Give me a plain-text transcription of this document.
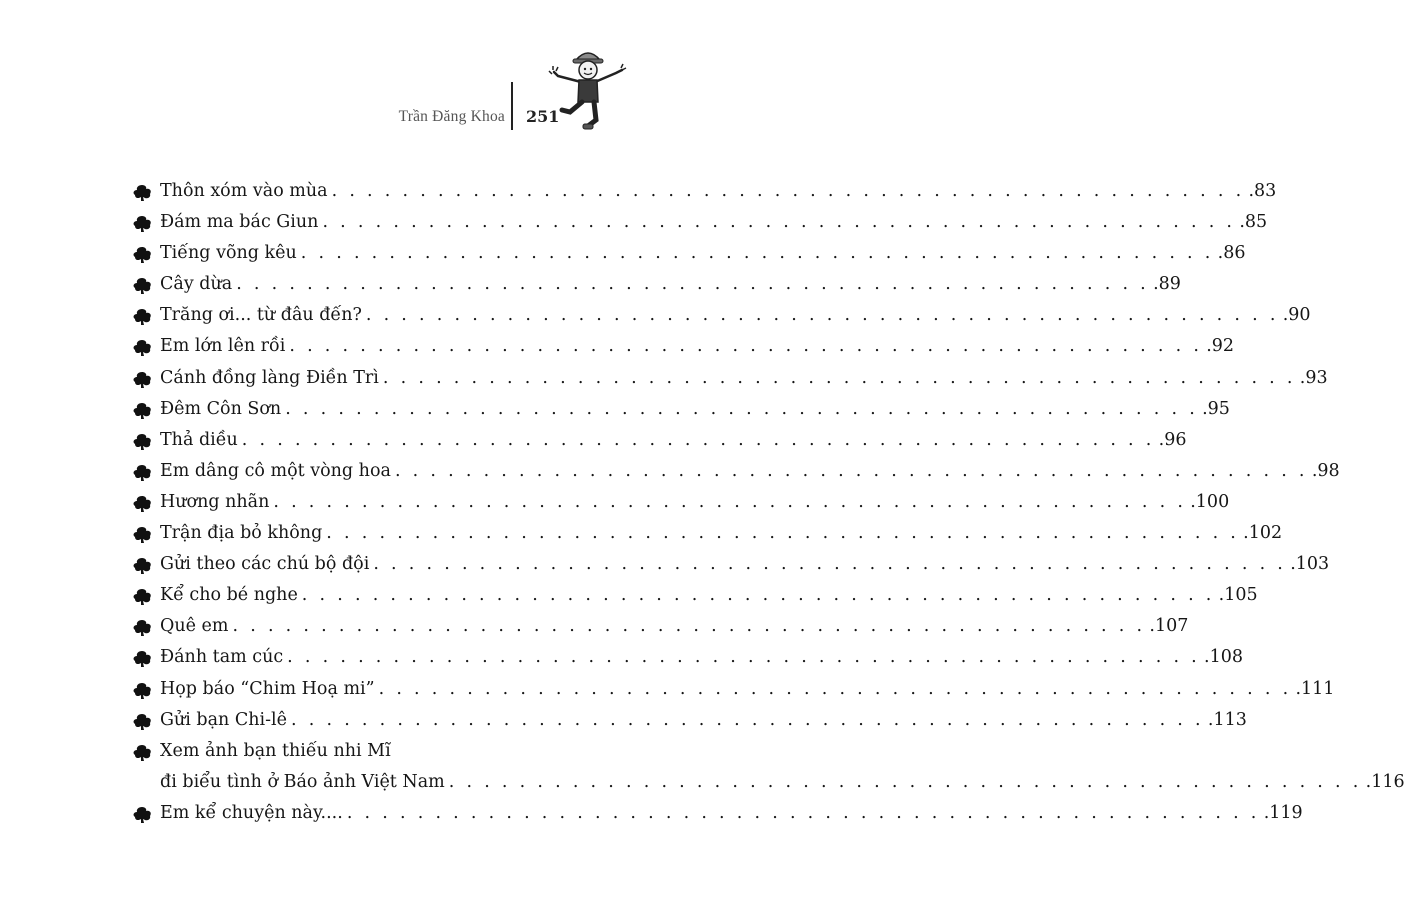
Trần Đăng Khoa 251
Thôn xóm vào mùa . . . . . . . . . . . . . . . . . . . . . . . . . . . . . . . . . . . . . . . . . . . . . . . . . . . . .83
Đám ma bác Giun . . . . . . . . . . . . . . . . . . . . . . . . . . . . . . . . . . . . . . . . . . . . . . . . . . . . .85
Tiếng võng kêu . . . . . . . . . . . . . . . . . . . . . . . . . . . . . . . . . . . . . . . . . . . . . . . . . . . . .86
Cây dừa . . . . . . . . . . . . . . . . . . . . . . . . . . . . . . . . . . . . . . . . . . . . . . . . . . . . .89
Trăng ơi... từ đâu đến? . . . . . . . . . . . . . . . . . . . . . . . . . . . . . . . . . . . . . . . . . . . . . . . . . . . . .90
Em lớn lên rồi . . . . . . . . . . . . . . . . . . . . . . . . . . . . . . . . . . . . . . . . . . . . . . . . . . . . .92
Cánh đồng làng Điền Trì . . . . . . . . . . . . . . . . . . . . . . . . . . . . . . . . . . . . . . . . . . . . . . . . . . . . .93
Đêm Côn Sơn . . . . . . . . . . . . . . . . . . . . . . . . . . . . . . . . . . . . . . . . . . . . . . . . . . . . .95
Thả diều . . . . . . . . . . . . . . . . . . . . . . . . . . . . . . . . . . . . . . . . . . . . . . . . . . . . .96
Em dâng cô một vòng hoa . . . . . . . . . . . . . . . . . . . . . . . . . . . . . . . . . . . . . . . . . . . . . . . . . . . . .98
Hương nhãn . . . . . . . . . . . . . . . . . . . . . . . . . . . . . . . . . . . . . . . . . . . . . . . . . . . . .100
Trận địa bỏ không . . . . . . . . . . . . . . . . . . . . . . . . . . . . . . . . . . . . . . . . . . . . . . . . . . . . .102
Gửi theo các chú bộ đội . . . . . . . . . . . . . . . . . . . . . . . . . . . . . . . . . . . . . . . . . . . . . . . . . . . . .103
Kể cho bé nghe . . . . . . . . . . . . . . . . . . . . . . . . . . . . . . . . . . . . . . . . . . . . . . . . . . . . .105
Quê em . . . . . . . . . . . . . . . . . . . . . . . . . . . . . . . . . . . . . . . . . . . . . . . . . . . . .107
Đánh tam cúc . . . . . . . . . . . . . . . . . . . . . . . . . . . . . . . . . . . . . . . . . . . . . . . . . . . . .108
Họp báo “Chim Hoạ mi” . . . . . . . . . . . . . . . . . . . . . . . . . . . . . . . . . . . . . . . . . . . . . . . . . . . . .111
Gửi bạn Chi-lê . . . . . . . . . . . . . . . . . . . . . . . . . . . . . . . . . . . . . . . . . . . . . . . . . . . . .113
Xem ảnh bạn thiếu nhi Mĩ
đi biểu tình ở Báo ảnh Việt Nam . . . . . . . . . . . . . . . . . . . . . . . . . . . . . . . . . . . . . . . . . . . . . . . . . . . . .116
Em kể chuyện này.... . . . . . . . . . . . . . . . . . . . . . . . . . . . . . . . . . . . . . . . . . . . . . . . . . . . . .119
